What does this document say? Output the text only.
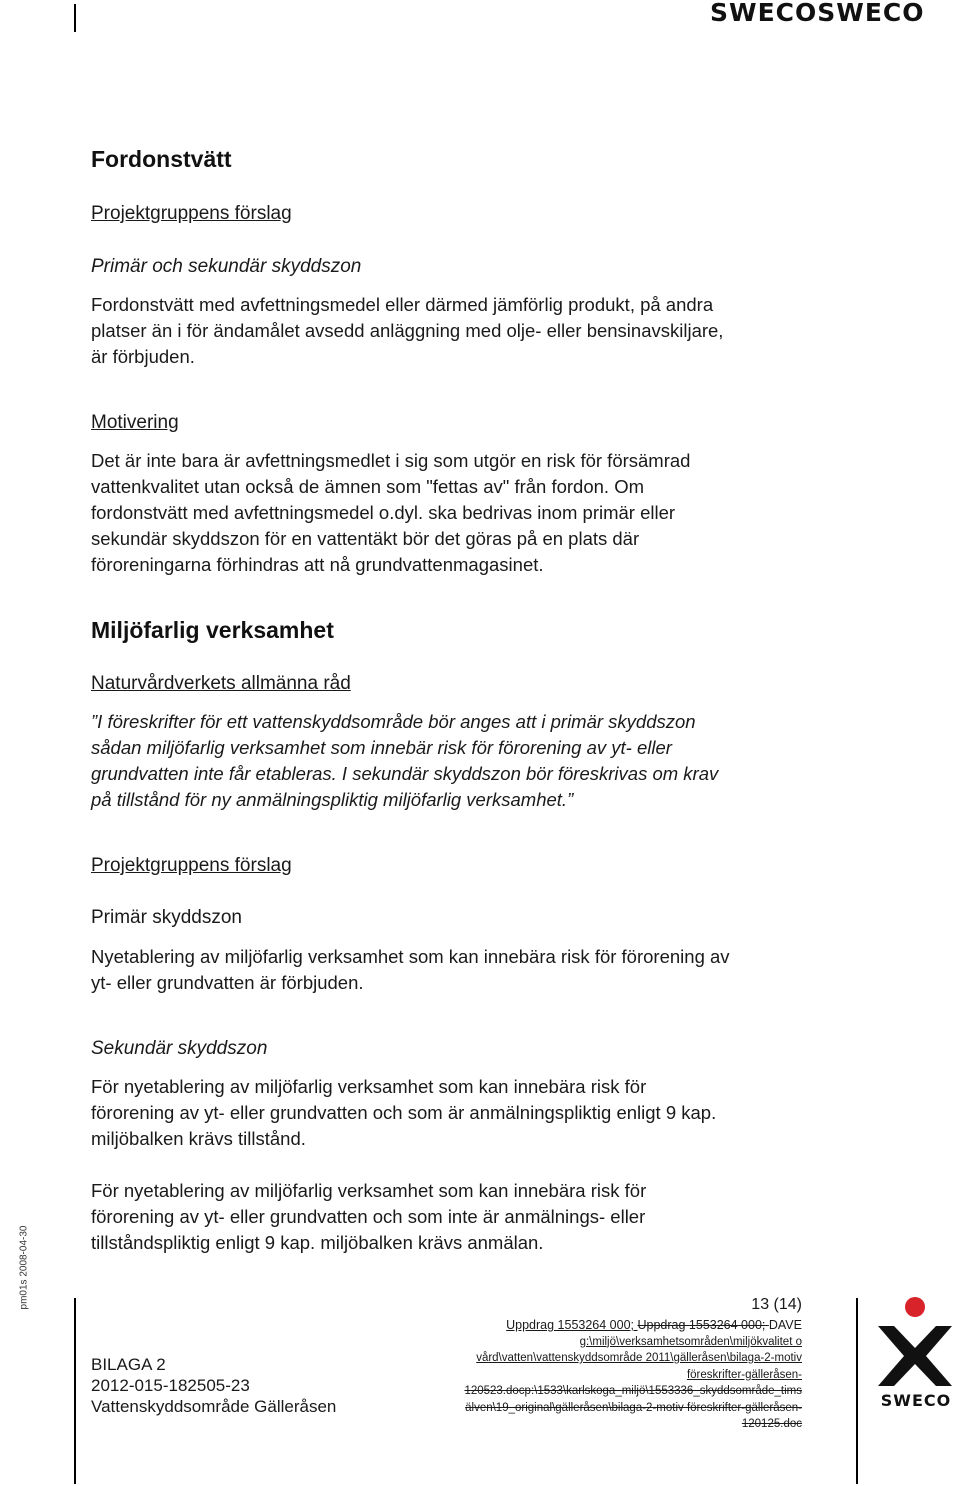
SWECOSWECO
Fordonstvätt
Projektgruppens förslag
Primär och sekundär skyddszon
Fordonstvätt med avfettningsmedel eller därmed jämförlig produkt, på andra
platser än i för ändamålet avsedd anläggning med olje- eller bensinavskiljare,
är förbjuden.
Motivering
Det är inte bara är avfettningsmedlet i sig som utgör en risk för försämrad
vattenkvalitet utan också de ämnen som "fettas av" från fordon. Om
fordonstvätt med avfettningsmedel o.dyl. ska bedrivas inom primär eller
sekundär skyddszon för en vattentäkt bör det göras på en plats där
föroreningarna förhindras att nå grundvattenmagasinet.
Miljöfarlig verksamhet
Naturvårdverkets allmänna råd
”I föreskrifter för ett vattenskyddsområde bör anges att i primär skyddszon
sådan miljöfarlig verksamhet som innebär risk för förorening av yt- eller
grundvatten inte får etableras. I sekundär skyddszon bör föreskrivas om krav
på tillstånd för ny anmälningspliktig miljöfarlig verksamhet.”
Projektgruppens förslag
Primär skyddszon
Nyetablering av miljöfarlig verksamhet som kan innebära risk för förorening av
yt- eller grundvatten är förbjuden.
Sekundär skyddszon
För nyetablering av miljöfarlig verksamhet som kan innebära risk för
förorening av yt- eller grundvatten och som är anmälningspliktig enligt 9 kap.
miljöbalken krävs tillstånd.
För nyetablering av miljöfarlig verksamhet som kan innebära risk för
förorening av yt- eller grundvatten och som inte är anmälnings- eller
tillståndspliktig enligt 9 kap. miljöbalken krävs anmälan.
pm01s 2008-04-30	13 (14)
BILAGA 2
2012-015-182505-23
Vattenskyddsområde Gälleråsen
Uppdrag 1553264 000; Uppdrag 1553264 000; DAVE
g:\miljö\verksamhetsområden\miljökvalitet o
vård\vatten\vattenskyddsområde 2011\gälleråsen\bilaga-2-motiv
föreskrifter-gälleråsen-
120523.docp:\1533\karlskoga_miljö\1553336_skyddsområde_tims
älven\19_original\gälleråsen\bilaga-2-motiv föreskrifter-gälleråsen-
120125.doc
SWECO
